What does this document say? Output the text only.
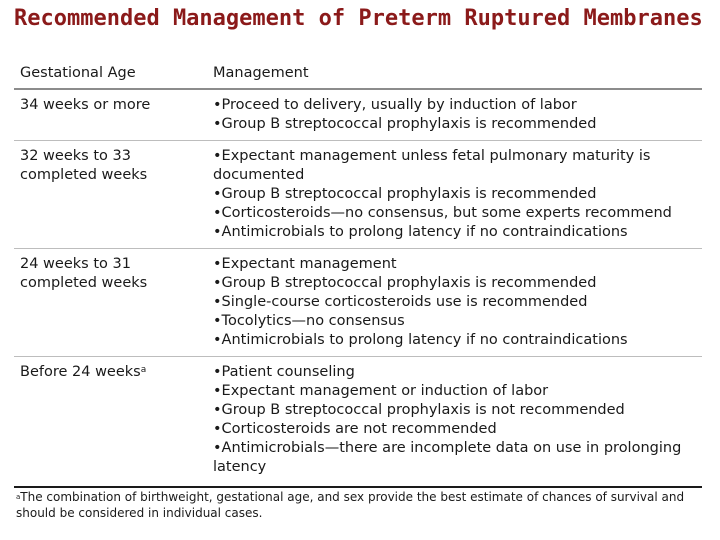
Recommended Management of Preterm Ruptured Membranes
Gestational Age	Management
34 weeks or more	•Proceed to delivery, usually by induction of labor
•Group B streptococcal prophylaxis is recommended

32 weeks to 33 completed weeks	•Expectant management unless fetal pulmonary maturity is documented
•Group B streptococcal prophylaxis is recommended
•Corticosteroids—no consensus, but some experts recommend
•Antimicrobials to prolong latency if no contraindications

24 weeks to 31 completed weeks	•Expectant management
•Group B streptococcal prophylaxis is recommended
•Single-course corticosteroids use is recommended
•Tocolytics—no consensus
•Antimicrobials to prolong latency if no contraindications

Before 24 weeks$^a$	•Patient counseling
•Expectant management or induction of labor
•Group B streptococcal prophylaxis is not recommended
•Corticosteroids are not recommended
•Antimicrobials—there are incomplete data on use in prolonging latency
$^a$The combination of birthweight, gestational age, and sex provide the best estimate of chances of survival and should be considered in individual cases.
